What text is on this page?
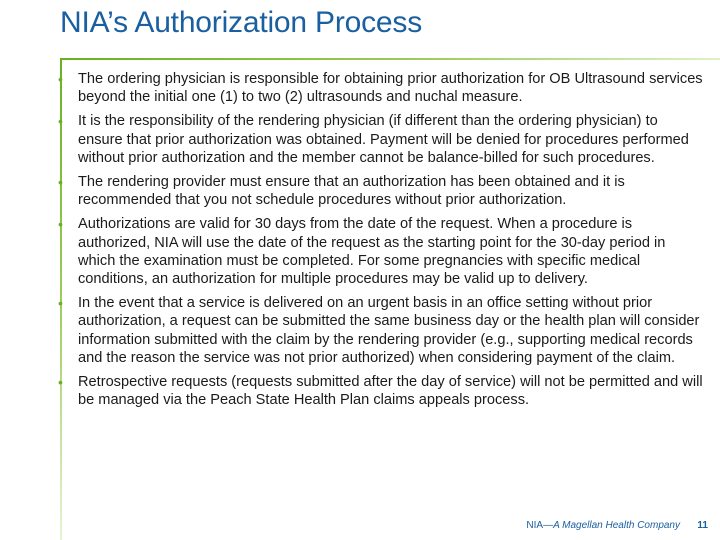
NIA’s Authorization Process
• The ordering physician is responsible for obtaining prior authorization for OB Ultrasound services beyond the initial one (1) to two (2) ultrasounds and nuchal measure.
• It is the responsibility of the rendering physician (if different than the ordering physician) to ensure that prior authorization was obtained. Payment will be denied for procedures performed without prior authorization and the member cannot be balance-billed for such procedures.
• The rendering provider must ensure that an authorization has been obtained and it is recommended that you not schedule procedures without prior authorization.
• Authorizations are valid for 30 days from the date of the request. When a procedure is authorized, NIA will use the date of the request as the starting point for the 30-day period in which the examination must be completed. For some pregnancies with specific medical conditions, an authorization for multiple procedures may be valid up to delivery.
• In the event that a service is delivered on an urgent basis in an office setting without prior authorization, a request can be submitted the same business day or the health plan will consider information submitted with the claim by the rendering provider (e.g., supporting medical records and the reason the service was not prior authorized) when considering payment of the claim.
• Retrospective requests (requests submitted after the day of service) will not be permitted and will be managed via the Peach State Health Plan claims appeals process.
NIA—A Magellan Health Company 11
